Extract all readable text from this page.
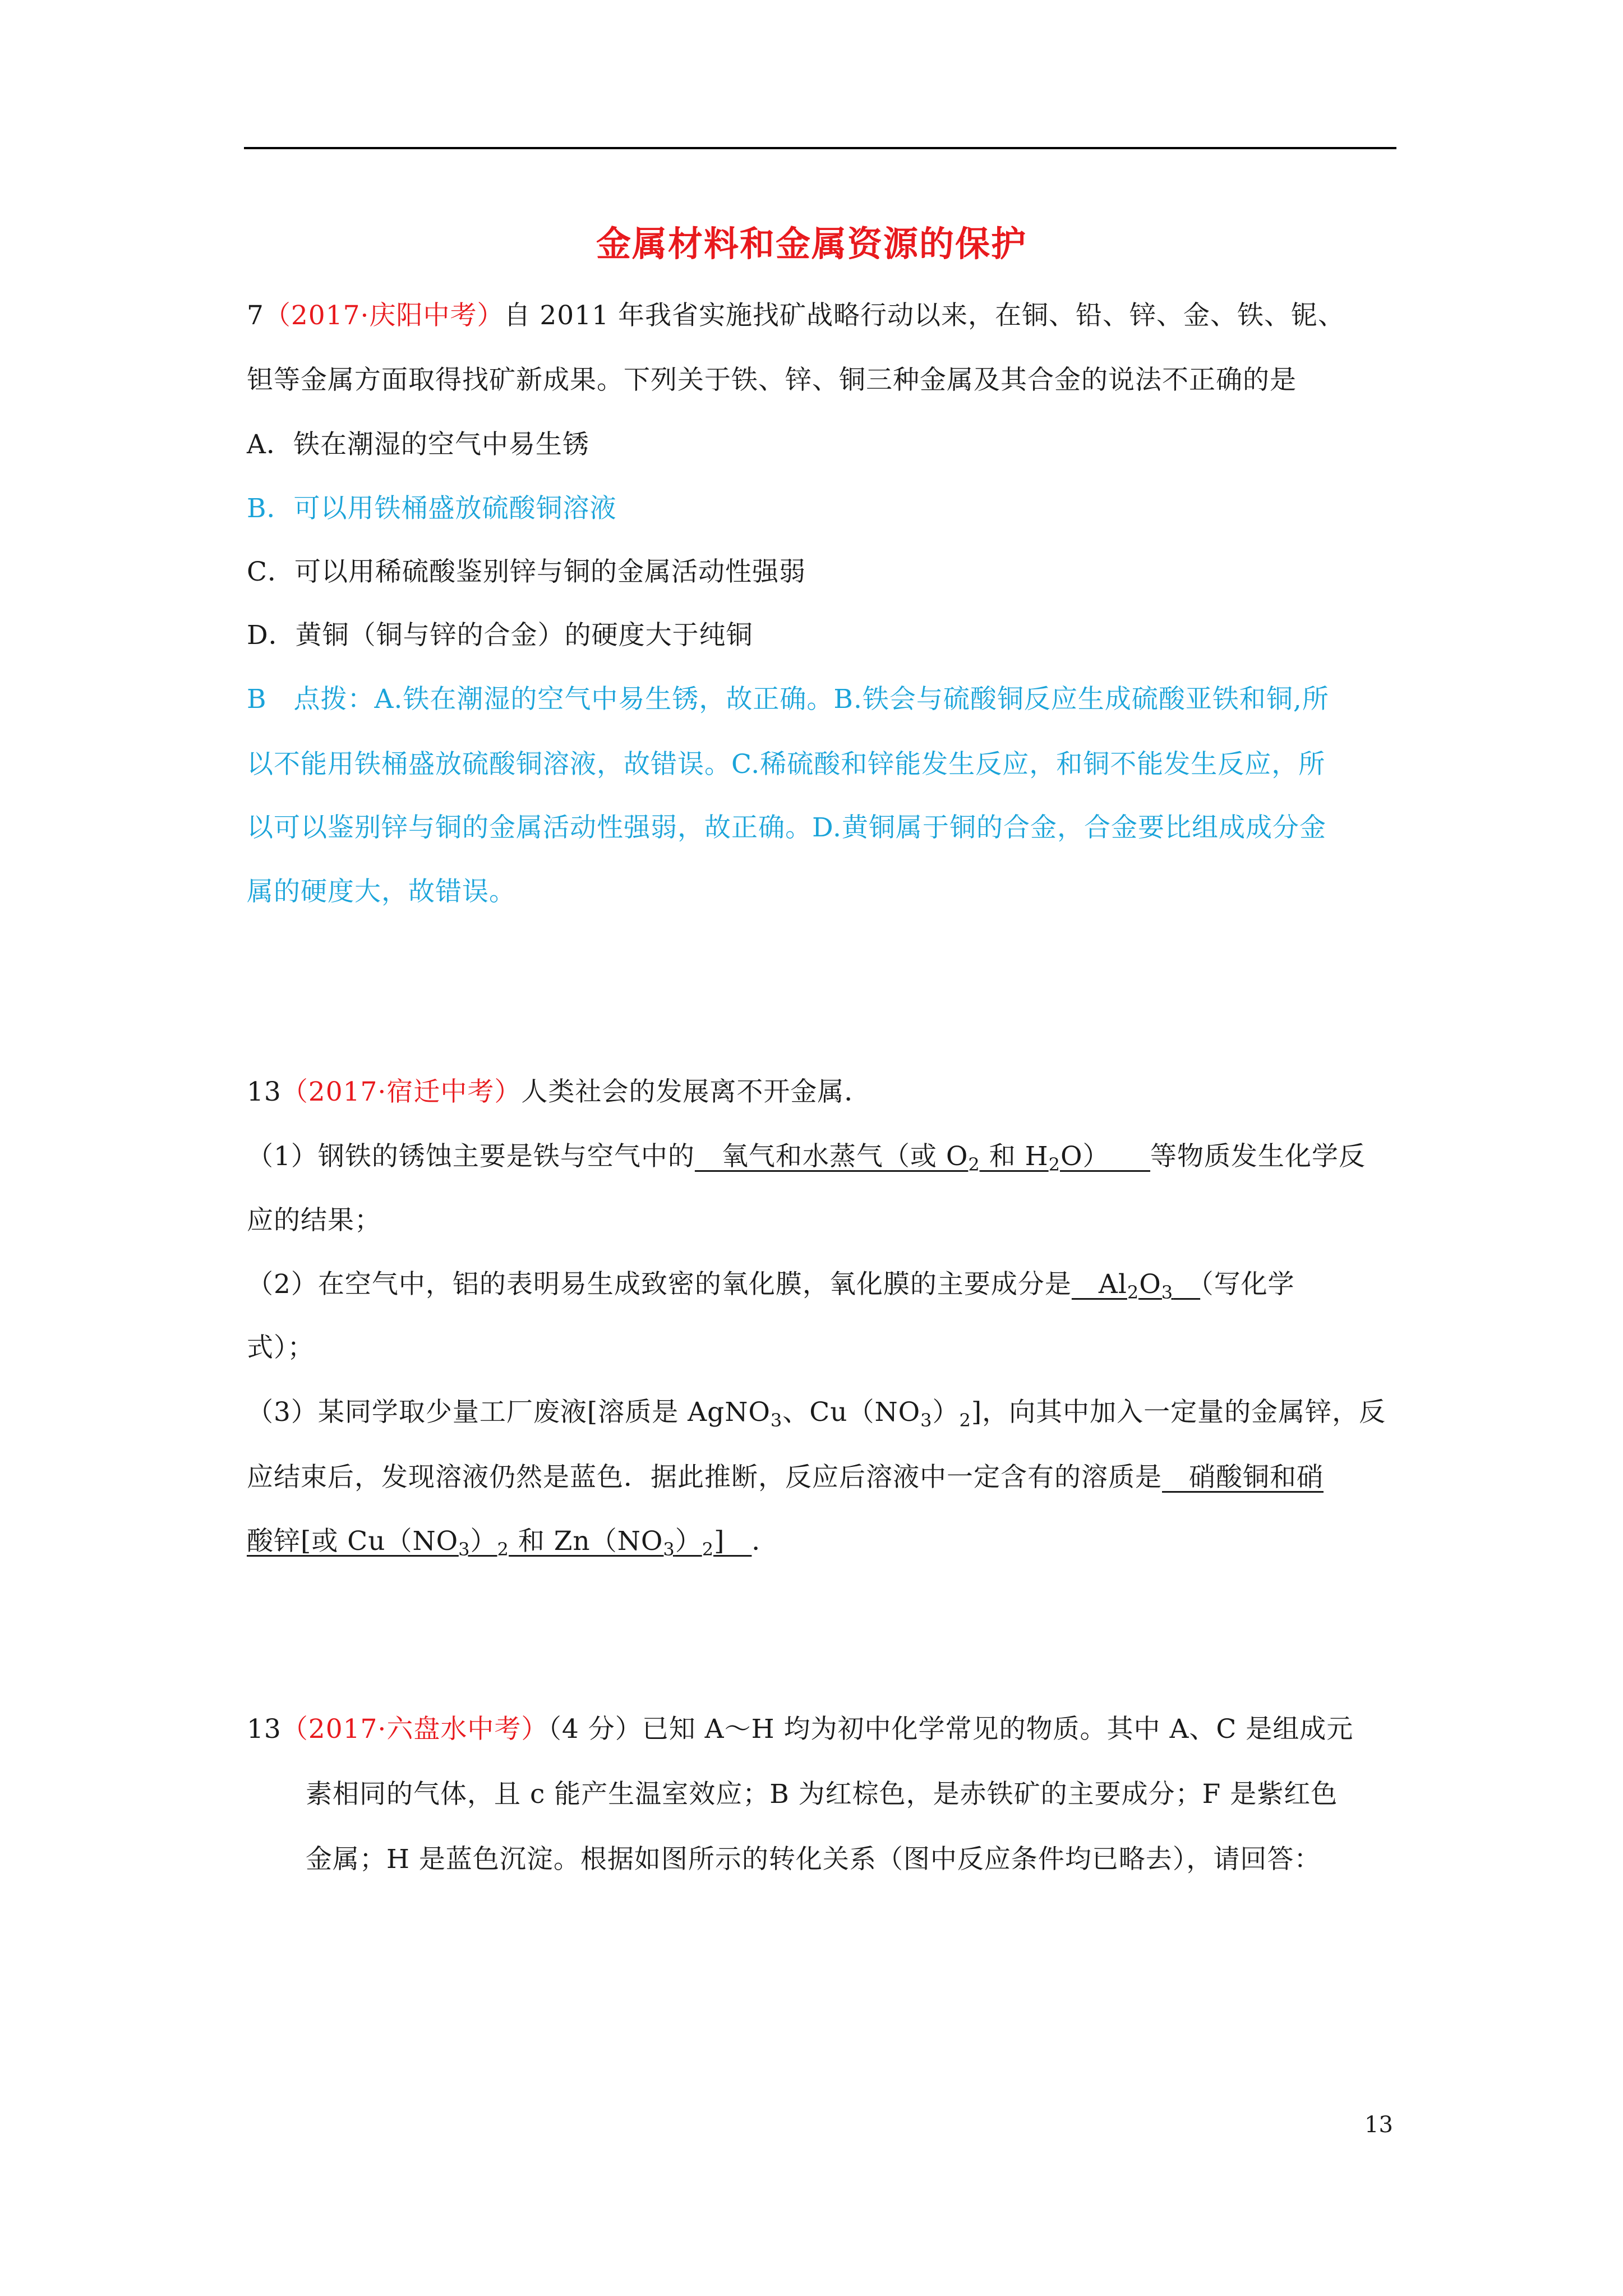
金属材料和金属资源的保护
7（2017·庆阳中考）自 2011 年我省实施找矿战略行动以来，在铜、铅、锌、金、铁、铌、
钽等金属方面取得找矿新成果。下列关于铁、锌、铜三种金属及其合金的说法不正确的是
A．铁在潮湿的空气中易生锈
B．可以用铁桶盛放硫酸铜溶液
C．可以用稀硫酸鉴别锌与铜的金属活动性强弱
D．黄铜（铜与锌的合金）的硬度大于纯铜
B　点拨：A.铁在潮湿的空气中易生锈，故正确。B.铁会与硫酸铜反应生成硫酸亚铁和铜,所
以不能用铁桶盛放硫酸铜溶液，故错误。C.稀硫酸和锌能发生反应，和铜不能发生反应，所
以可以鉴别锌与铜的金属活动性强弱，故正确。D.黄铜属于铜的合金，合金要比组成成分金
属的硬度大，故错误。
13（2017·宿迁中考）人类社会的发展离不开金属．
（1）钢铁的锈蚀主要是铁与空气中的　氧气和水蒸气（或 $O_2$ 和 $H_2O$）　　等物质发生化学反
应的结果；
（2）在空气中，铝的表明易生成致密的氧化膜，氧化膜的主要成分是　$Al_2O_3$　 （写化学
式）；
（3）某同学取少量工厂废液[溶质是 AgNO$_3$、$Cu(NO_3)_2$]，向其中加入一定量的金属锌，反
应结束后，发现溶液仍然是蓝色．据此推断，反应后溶液中一定含有的溶质是　硝酸铜和硝
酸锌[或 $Cu(NO_3)_2$ 和 $Zn(NO_3)_2$]　．
13（2017·六盘水中考）（4 分）已知 A～H 均为初中化学常见的物质。其中 A、C 是组成元
素相同的气体，且 c 能产生温室效应；B 为红棕色，是赤铁矿的主要成分；F 是紫红色
金属；H 是蓝色沉淀。根据如图所示的转化关系（图中反应条件均已略去），请回答：
13
